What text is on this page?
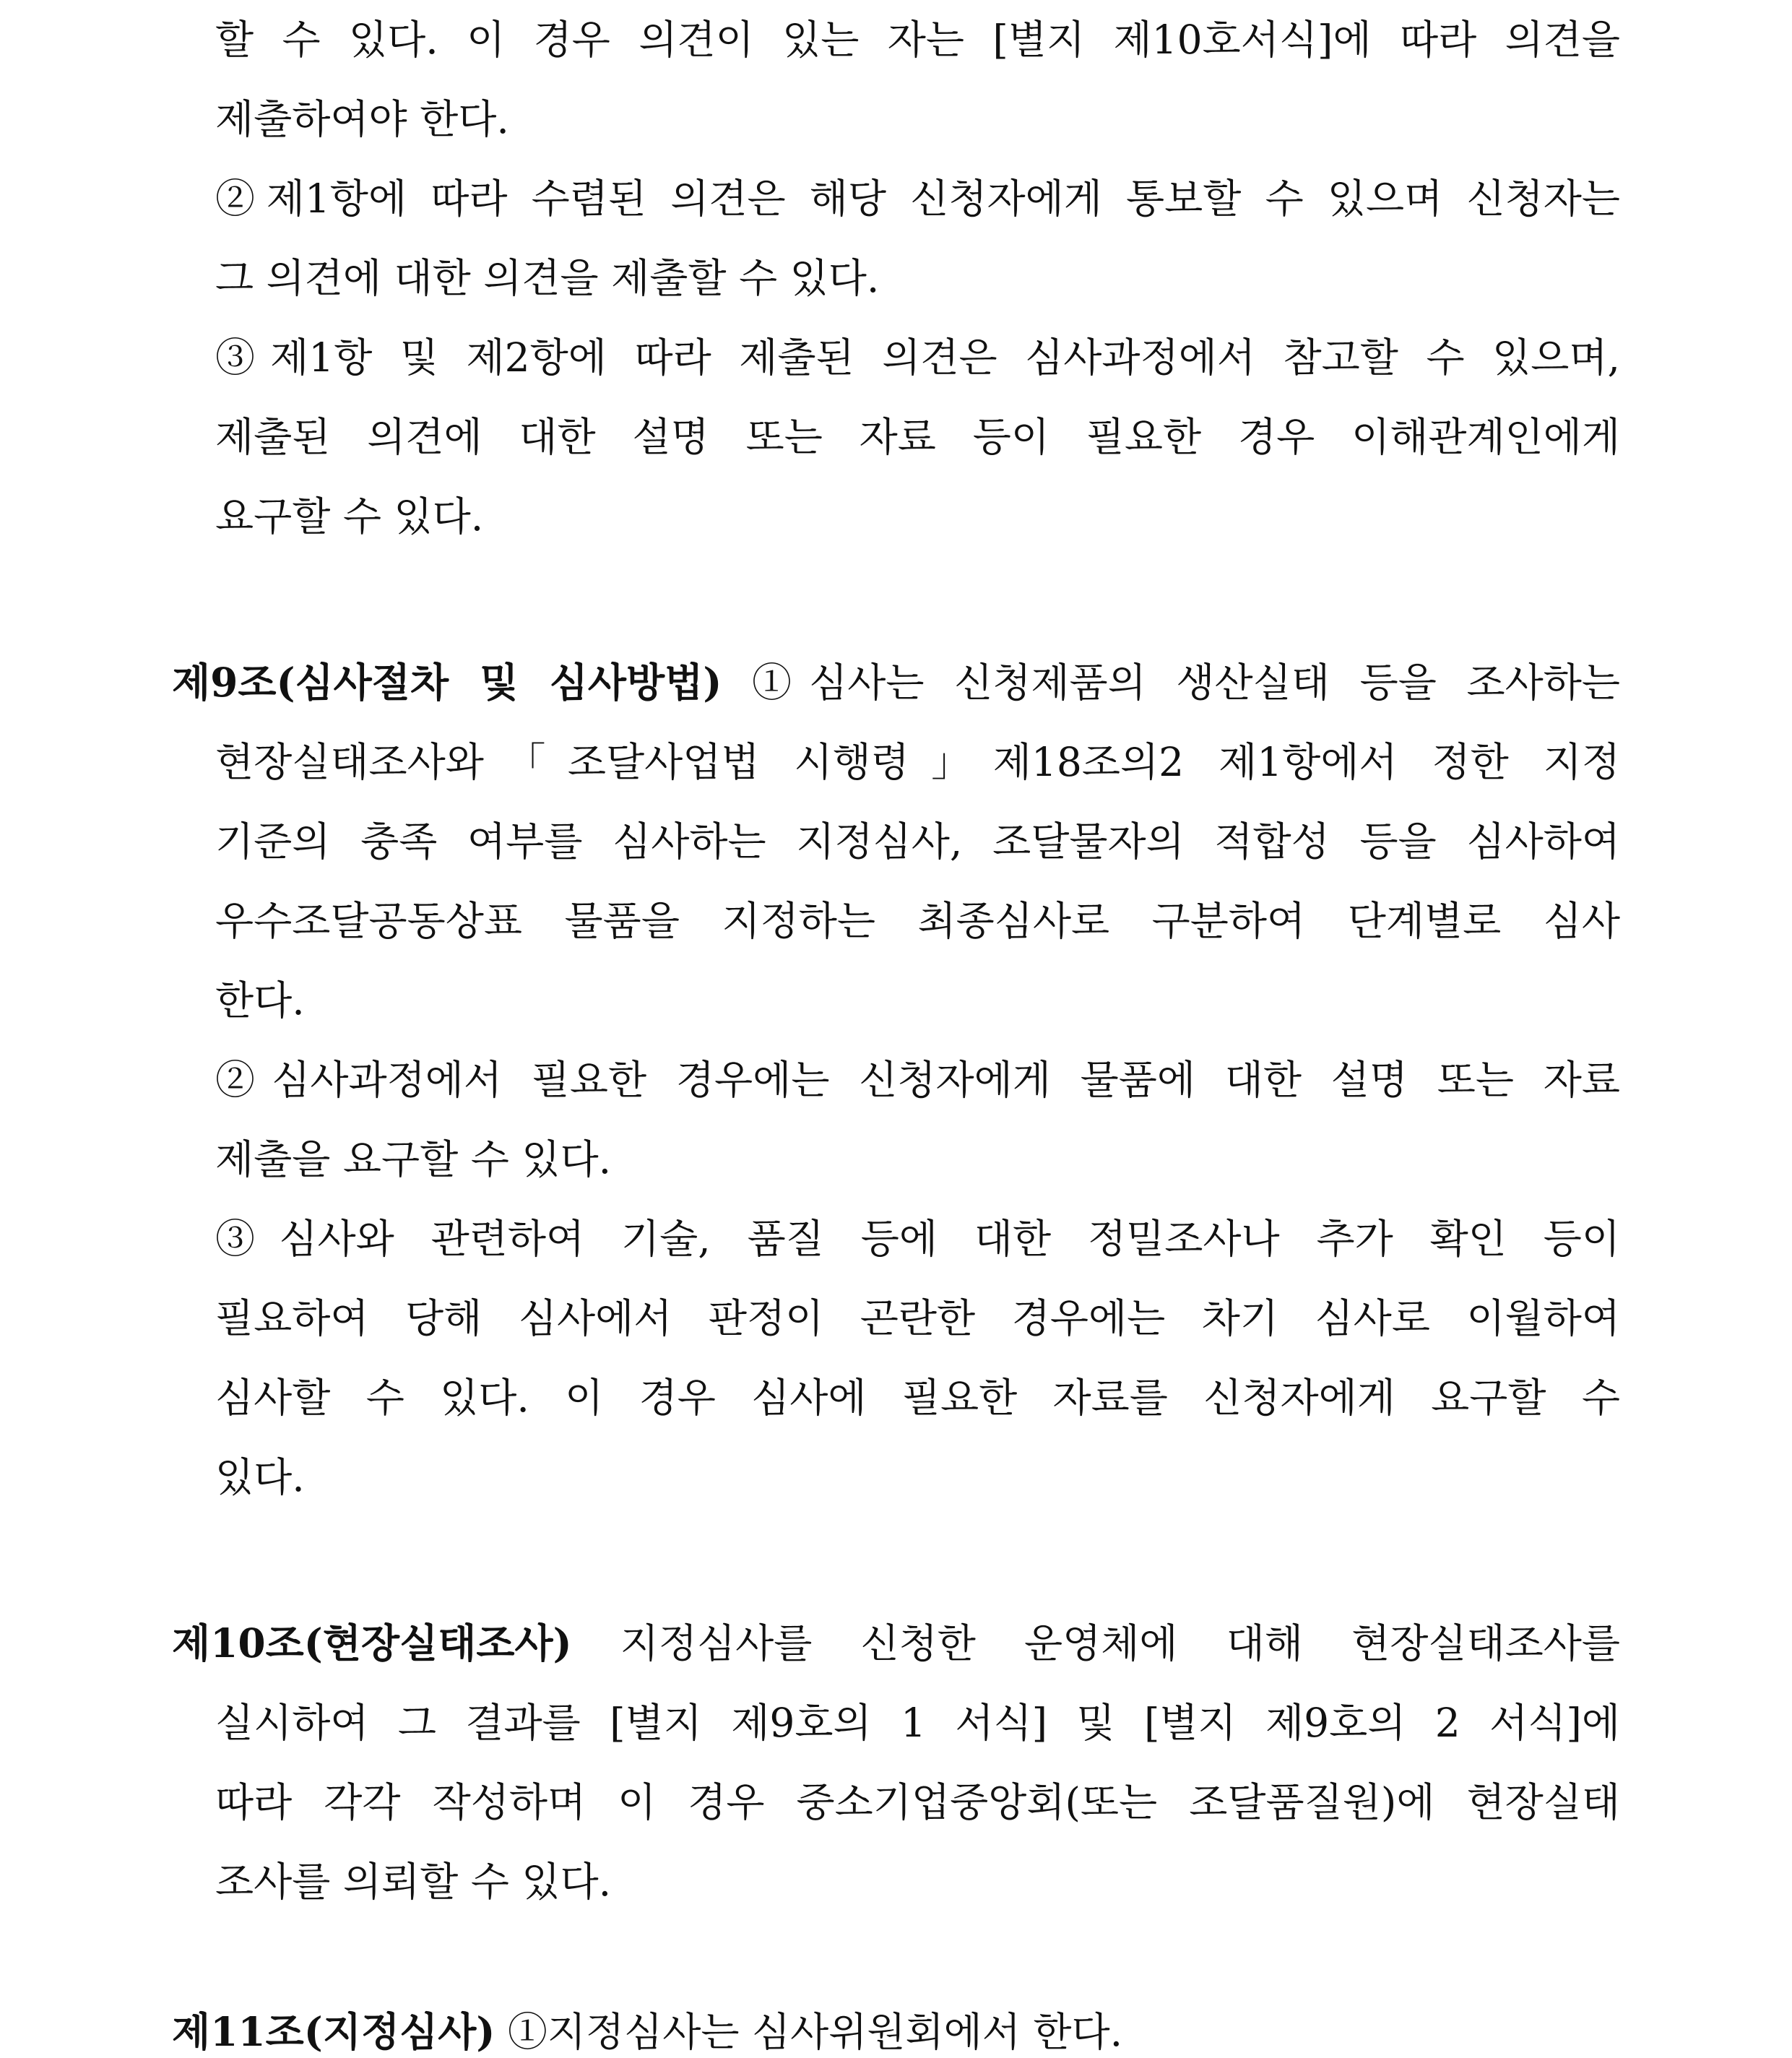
할 수 있다. 이 경우 의견이 있는 자는 [별지 제10호서식]에 따라 의견을
제출하여야 한다.
②제1항에 따라 수렴된 의견은 해당 신청자에게 통보할 수 있으며 신청자는
그 의견에 대한 의견을 제출할 수 있다.
③제1항 및 제2항에 따라 제출된 의견은 심사과정에서 참고할 수 있으며,
제출된 의견에 대한 설명 또는 자료 등이 필요한 경우 이해관계인에게
요구할 수 있다.
제9조(심사절차 및 심사방법) ①심사는 신청제품의 생산실태 등을 조사하는
현장실태조사와「조달사업법 시행령」제18조의2 제1항에서 정한 지정
기준의 충족 여부를 심사하는 지정심사, 조달물자의 적합성 등을 심사하여
우수조달공동상표 물품을 지정하는 최종심사로 구분하여 단계별로 심사
한다.
②심사과정에서 필요한 경우에는 신청자에게 물품에 대한 설명 또는 자료
제출을 요구할 수 있다.
③심사와 관련하여 기술, 품질 등에 대한 정밀조사나 추가 확인 등이
필요하여 당해 심사에서 판정이 곤란한 경우에는 차기 심사로 이월하여
심사할 수 있다. 이 경우 심사에 필요한 자료를 신청자에게 요구할 수
있다.
제10조(현장실태조사) 지정심사를 신청한 운영체에 대해 현장실태조사를
실시하여 그 결과를 [별지 제9호의 1 서식] 및 [별지 제9호의 2 서식]에
따라 각각 작성하며 이 경우 중소기업중앙회(또는 조달품질원)에 현장실태
조사를 의뢰할 수 있다.
제11조(지정심사) ①지정심사는 심사위원회에서 한다.
